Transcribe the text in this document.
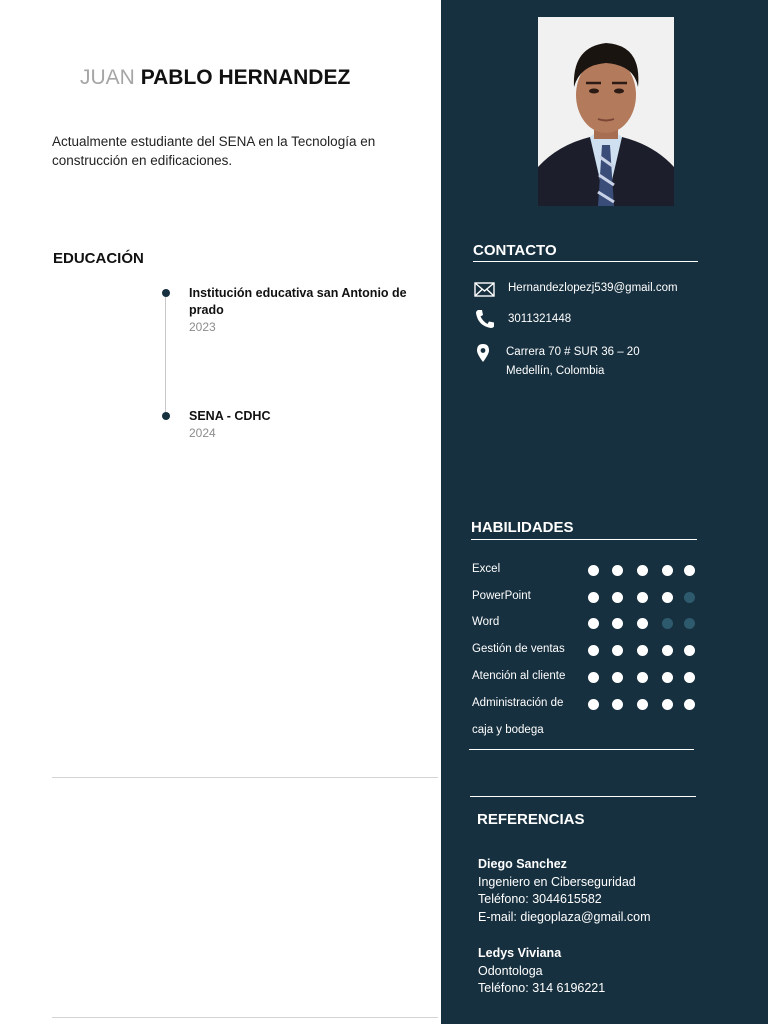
JUAN PABLO HERNANDEZ
Actualmente estudiante del SENA en la Tecnología en construcción en edificaciones.
EDUCACIÓN
Institución educativa san Antonio de prado
2023
SENA - CDHC
2024
CONTACTO
Hernandezlopezj539@gmail.com
3011321448
Carrera 70 # SUR 36 – 20
Medellín, Colombia
HABILIDADES
Excel
PowerPoint
Word
Gestión de ventas
Atención al cliente
Administración de
caja y bodega
REFERENCIAS
Diego Sanchez
Ingeniero en Ciberseguridad
Teléfono: 3044615582
E-mail: diegoplaza@gmail.com
Ledys Viviana
Odontologa
Teléfono: 314 6196221
